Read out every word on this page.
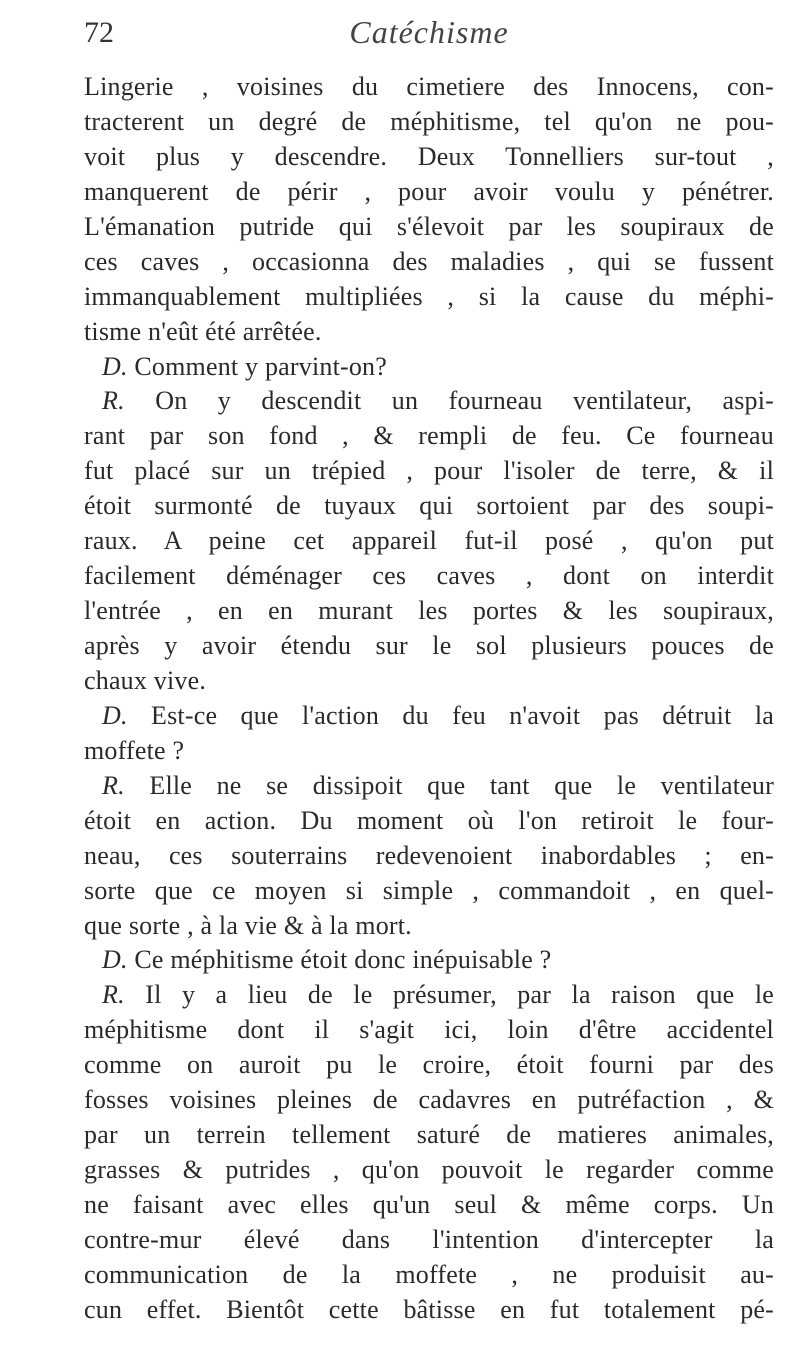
72	Catéchisme
Lingerie , voisines du cimetiere des Innocens, con-
tracterent un degré de méphitisme, tel qu'on ne pou-
voit plus y descendre. Deux Tonnelliers sur-tout ,
manquerent de périr , pour avoir voulu y pénétrer.
L'émanation putride qui s'élevoit par les soupiraux de
ces caves , occasionna des maladies , qui se fussent
immanquablement multipliées , si la cause du méphi-
tisme n'eût été arrêtée.
D. Comment y parvint-on?
R. On y descendit un fourneau ventilateur, aspi-
rant par son fond , & rempli de feu. Ce fourneau
fut placé sur un trépied , pour l'isoler de terre, & il
étoit surmonté de tuyaux qui sortoient par des soupi-
raux. A peine cet appareil fut-il posé , qu'on put
facilement déménager ces caves , dont on interdit
l'entrée , en en murant les portes & les soupiraux,
après y avoir étendu sur le sol plusieurs pouces de
chaux vive.
D. Est-ce que l'action du feu n'avoit pas détruit la
moffete ?
R. Elle ne se dissipoit que tant que le ventilateur
étoit en action. Du moment où l'on retiroit le four-
neau, ces souterrains redevenoient inabordables ; en-
sorte que ce moyen si simple , commandoit , en quel-
que sorte , à la vie & à la mort.
D. Ce méphitisme étoit donc inépuisable ?
R. Il y a lieu de le présumer, par la raison que le
méphitisme dont il s'agit ici, loin d'être accidentel
comme on auroit pu le croire, étoit fourni par des
fosses voisines pleines de cadavres en putréfaction , &
par un terrein tellement saturé de matieres animales,
grasses & putrides , qu'on pouvoit le regarder comme
ne faisant avec elles qu'un seul & même corps. Un
contre-mur élevé dans l'intention d'intercepter la
communication de la moffete , ne produisit au-
cun effet. Bientôt cette bâtisse en fut totalement pé-
